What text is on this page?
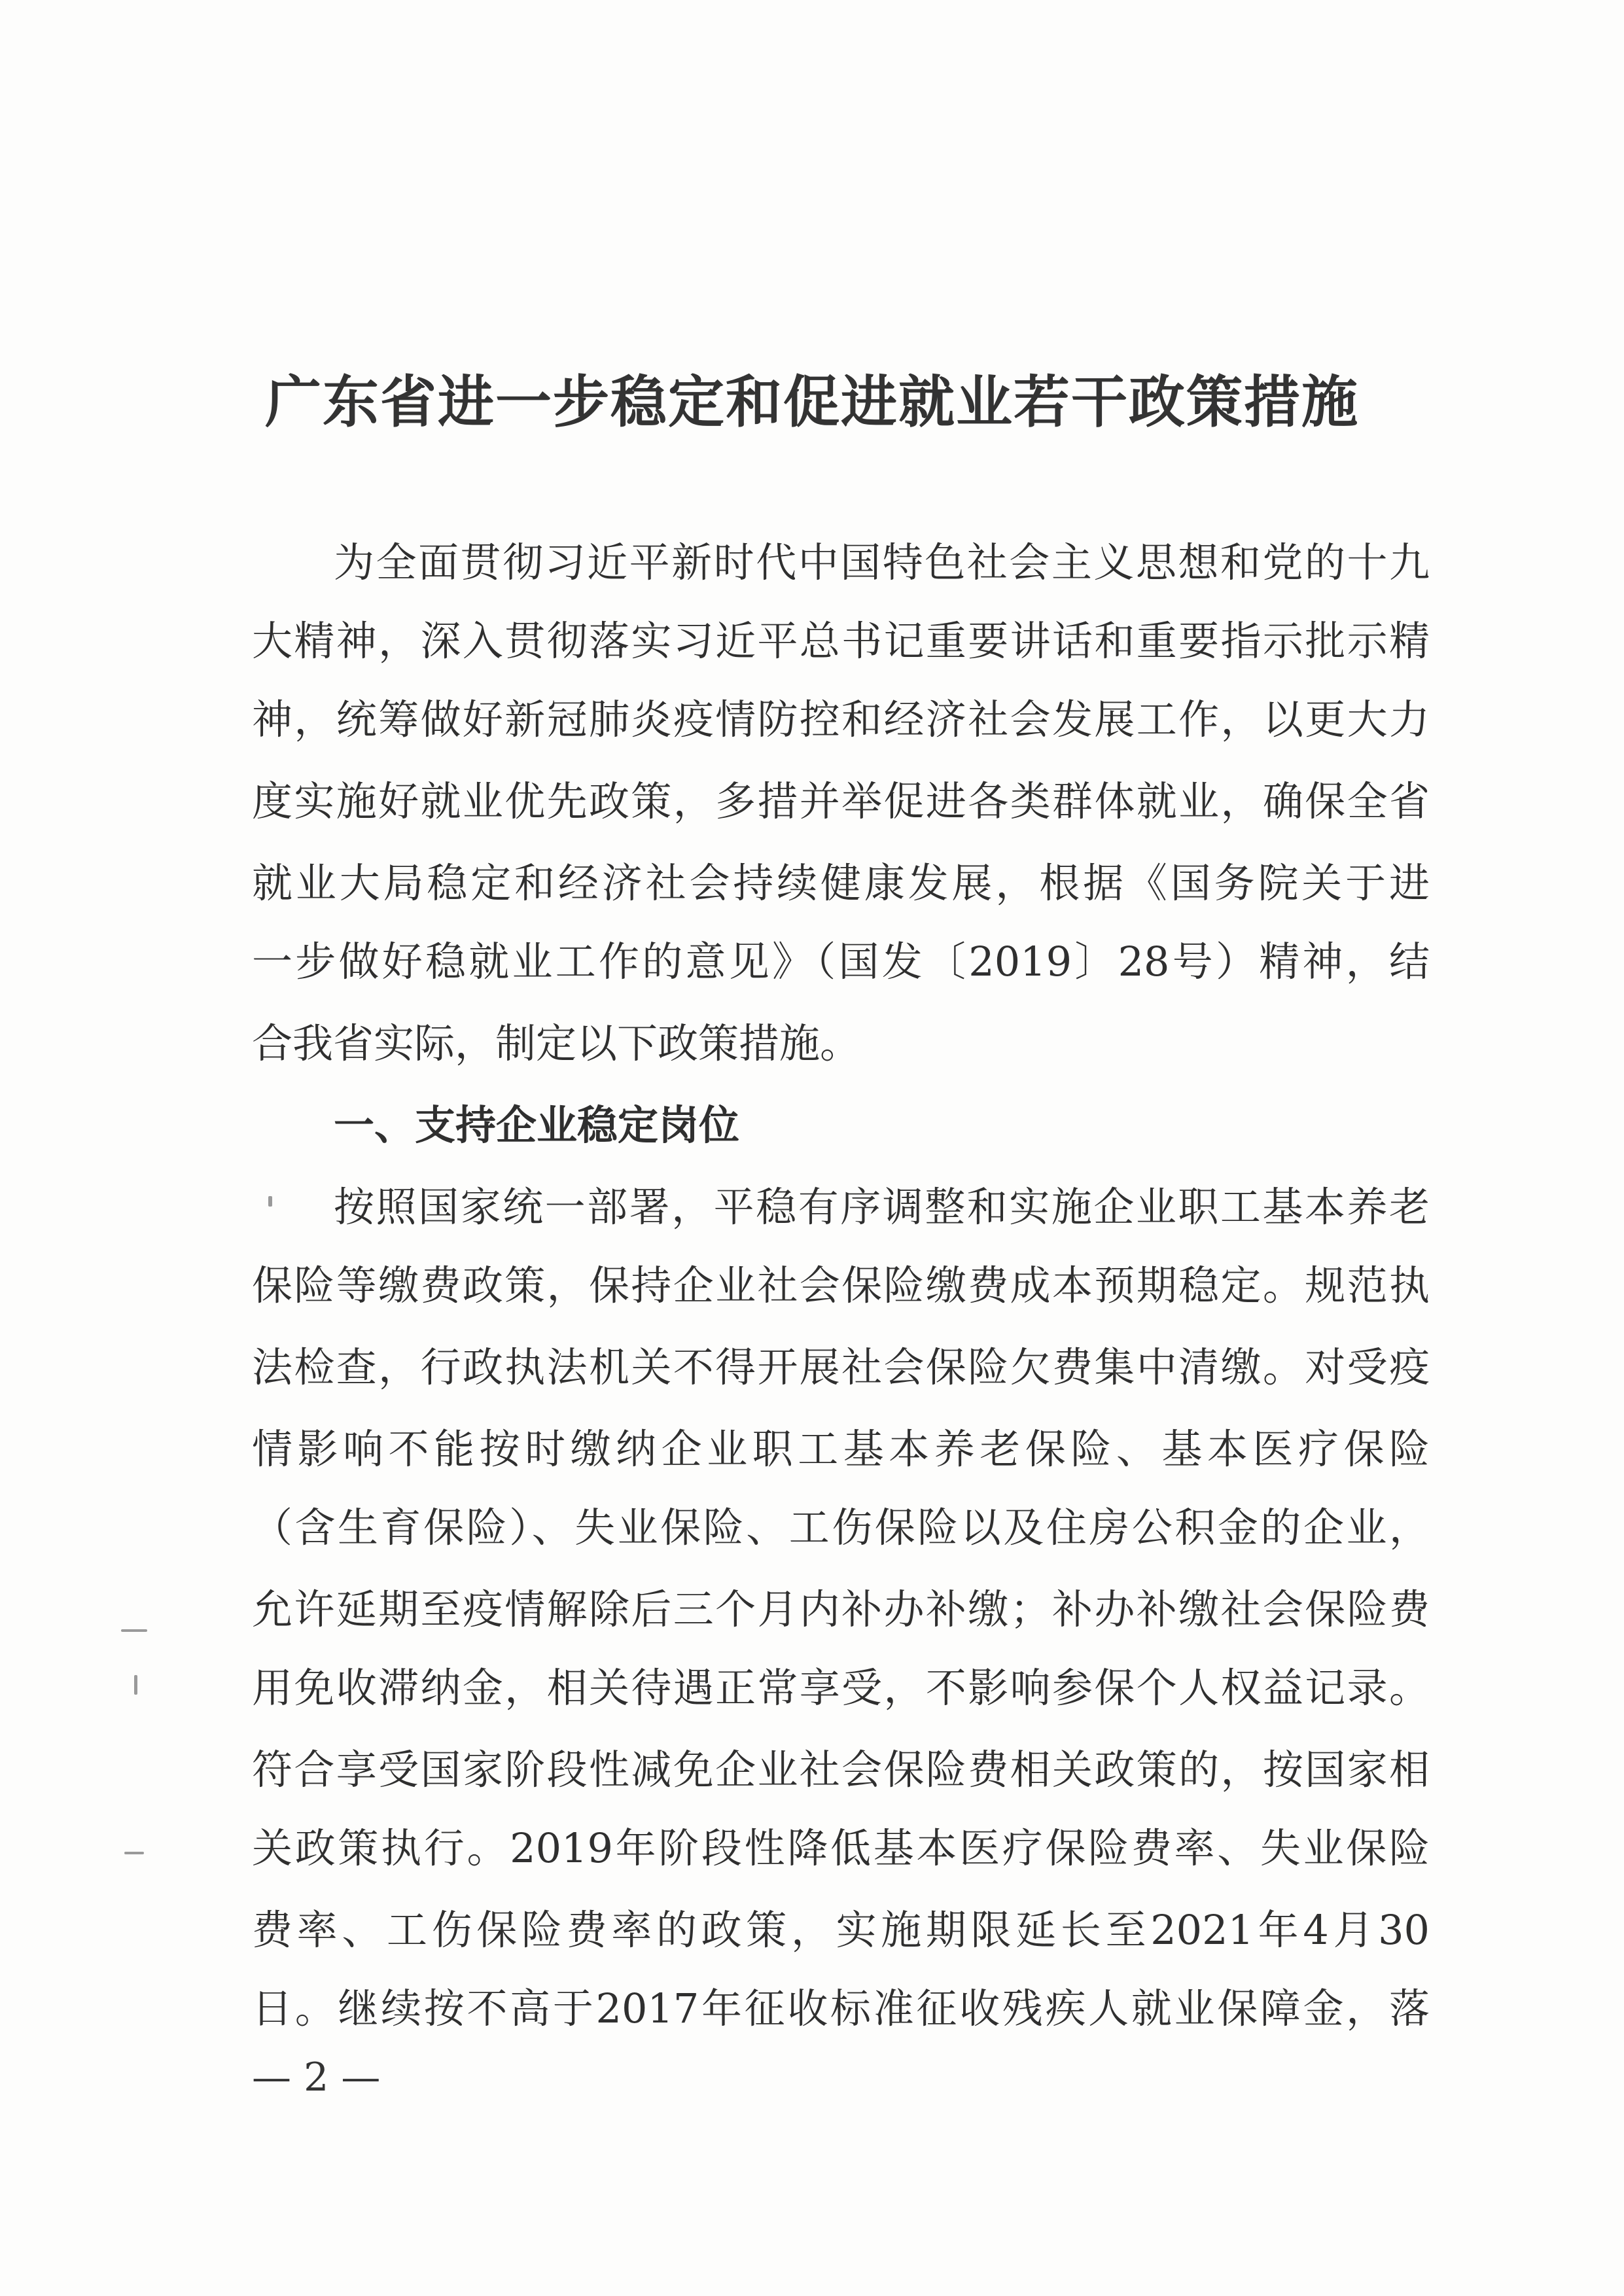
广东省进一步稳定和促进就业若干政策措施
为全面贯彻习近平新时代中国特色社会主义思想和党的十九
大精神，深入贯彻落实习近平总书记重要讲话和重要指示批示精
神，统筹做好新冠肺炎疫情防控和经济社会发展工作，以更大力
度实施好就业优先政策，多措并举促进各类群体就业，确保全省
就业大局稳定和经济社会持续健康发展，根据《国务院关于进
一步做好稳就业工作的意见》（国发〔2019〕28号）精神，结
合我省实际，制定以下政策措施。
一、支持企业稳定岗位
按照国家统一部署，平稳有序调整和实施企业职工基本养老
保险等缴费政策，保持企业社会保险缴费成本预期稳定。规范执
法检查，行政执法机关不得开展社会保险欠费集中清缴。对受疫
情影响不能按时缴纳企业职工基本养老保险、基本医疗保险
（含生育保险）、失业保险、工伤保险以及住房公积金的企业，
允许延期至疫情解除后三个月内补办补缴；补办补缴社会保险费
用免收滞纳金，相关待遇正常享受，不影响参保个人权益记录。
符合享受国家阶段性减免企业社会保险费相关政策的，按国家相
关政策执行。2019年阶段性降低基本医疗保险费率、失业保险
费率、工伤保险费率的政策，实施期限延长至2021年4月30
日。继续按不高于2017年征收标准征收残疾人就业保障金，落
— 2 —
